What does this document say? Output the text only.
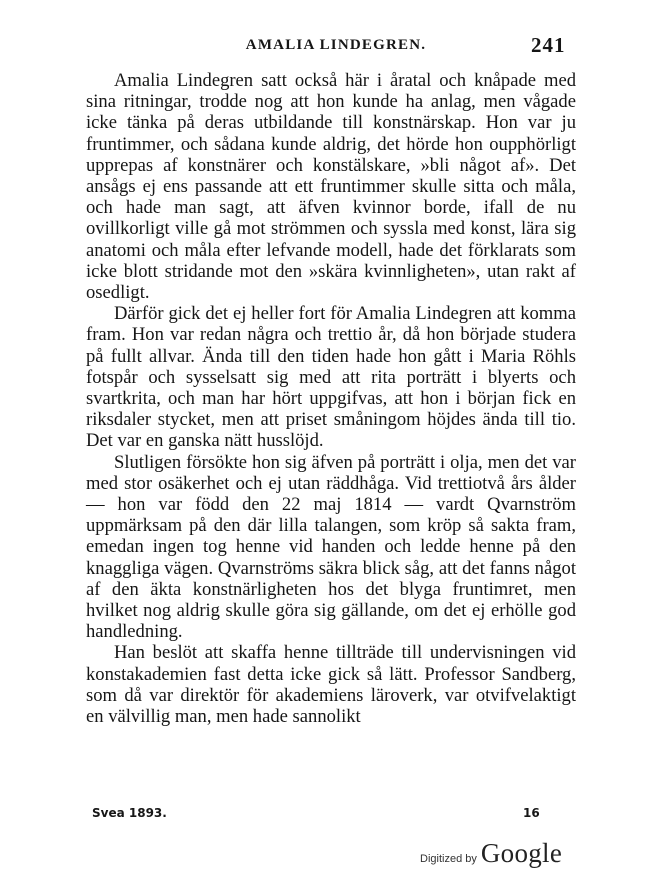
AMALIA LINDEGREN.	241

Amalia Lindegren satt också här i åratal och knåpade med sina ritningar, trodde nog att hon kunde ha anlag, men vågade icke tänka på deras utbildande till konstnärskap. Hon var ju fruntimmer, och sådana kunde aldrig, det hörde hon oupphörligt upprepas af konstnärer och konstälskare, »bli något af». Det ansågs ej ens passande att ett fruntimmer skulle sitta och måla, och hade man sagt, att äfven kvinnor borde, ifall de nu ovillkorligt ville gå mot strömmen och syssla med konst, lära sig anatomi och måla efter lefvande modell, hade det förklarats som icke blott stridande mot den »skära kvinnligheten», utan rakt af osedligt.

Därför gick det ej heller fort för Amalia Lindegren att komma fram. Hon var redan några och trettio år, då hon började studera på fullt allvar. Ända till den tiden hade hon gått i Maria Röhls fotspår och sysselsatt sig med att rita porträtt i blyerts och svartkrita, och man har hört uppgifvas, att hon i början fick en riksdaler stycket, men att priset småningom höjdes ända till tio. Det var en ganska nätt husslöjd.

Slutligen försökte hon sig äfven på porträtt i olja, men det var med stor osäkerhet och ej utan räddhåga. Vid trettiotvå års ålder — hon var född den 22 maj 1814 — vardt Qvarnström uppmärksam på den där lilla talangen, som kröp så sakta fram, emedan ingen tog henne vid handen och ledde henne på den knaggliga vägen. Qvarnströms säkra blick såg, att det fanns något af den äkta konstnärligheten hos det blyga fruntimret, men hvilket nog aldrig skulle göra sig gällande, om det ej erhölle god handledning.

Han beslöt att skaffa henne tillträde till undervisningen vid konstakademien fast detta icke gick så lätt. Professor Sandberg, som då var direktör för akademiens läroverk, var otvifvelaktigt en välvillig man, men hade sannolikt

Svea 1893.	16
Digitized by Google
